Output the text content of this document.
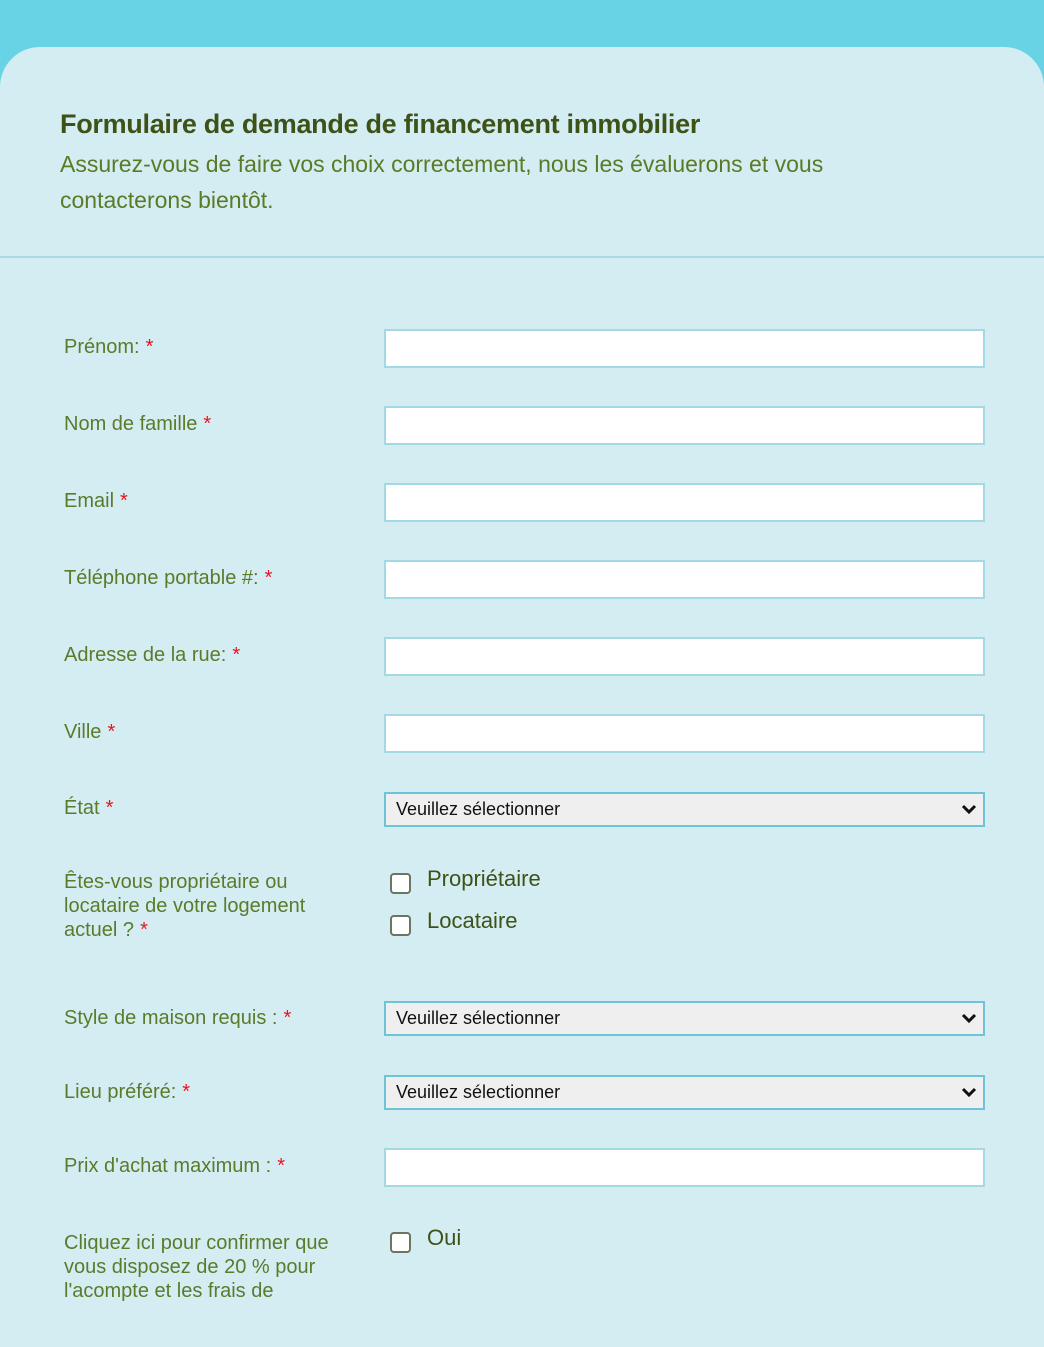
Formulaire de demande de financement immobilier
Assurez-vous de faire vos choix correctement, nous les évaluerons et vous contacterons bientôt.
Prénom: *
Nom de famille *
Email *
Téléphone portable #: *
Adresse de la rue: *
Ville *
État *	Veuillez sélectionner
Êtes-vous propriétaire ou locataire de votre logement actuel ? *
Propriétaire
Locataire
Style de maison requis : *	Veuillez sélectionner
Lieu préféré: *	Veuillez sélectionner
Prix d'achat maximum : *
Cliquez ici pour confirmer que vous disposez de 20 % pour l'acompte et les frais de
Oui
